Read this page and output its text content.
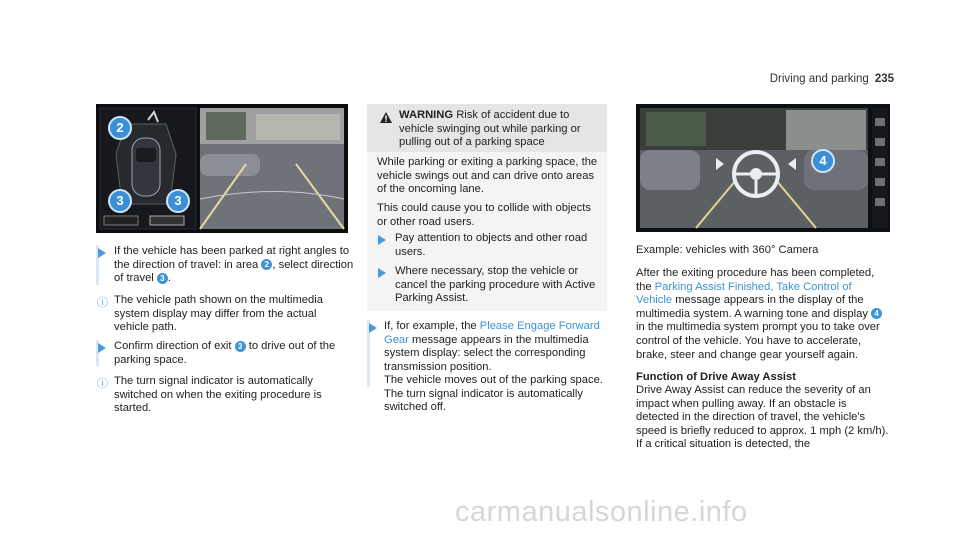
Driving and parking 235
2
3	3
If the vehicle has been parked at right angles to the direction of travel: in area 2 , select direction of travel 3 .
ⓘ The vehicle path shown on the multimedia system display may differ from the actual vehicle path.
Confirm direction of exit 3 to drive out of the parking space.
ⓘ The turn signal indicator is automatically switched on when the exiting procedure is started.
WARNING Risk of accident due to vehicle swinging out while parking or pulling out of a parking space
While parking or exiting a parking space, the vehicle swings out and can drive onto areas of the oncoming lane.
This could cause you to collide with objects or other road users.
Pay attention to objects and other road users.
Where necessary, stop the vehicle or cancel the parking procedure with Active Parking Assist.
If, for example, the Please Engage Forward Gear message appears in the multimedia system display: select the corresponding transmission position.
The vehicle moves out of the parking space. The turn signal indicator is automatically switched off.
4
Example: vehicles with 360° Camera
After the exiting procedure has been completed, the Parking Assist Finished, Take Control of Vehicle message appears in the display of the multimedia system. A warning tone and display 4 in the multimedia system prompt you to take over control of the vehicle. You have to accelerate, brake, steer and change gear yourself again.
Function of Drive Away Assist
Drive Away Assist can reduce the severity of an impact when pulling away. If an obstacle is detected in the direction of travel, the vehicle's speed is briefly reduced to approx. 1 mph (2 km/h). If a critical situation is detected, the
carmanualsonline.info
